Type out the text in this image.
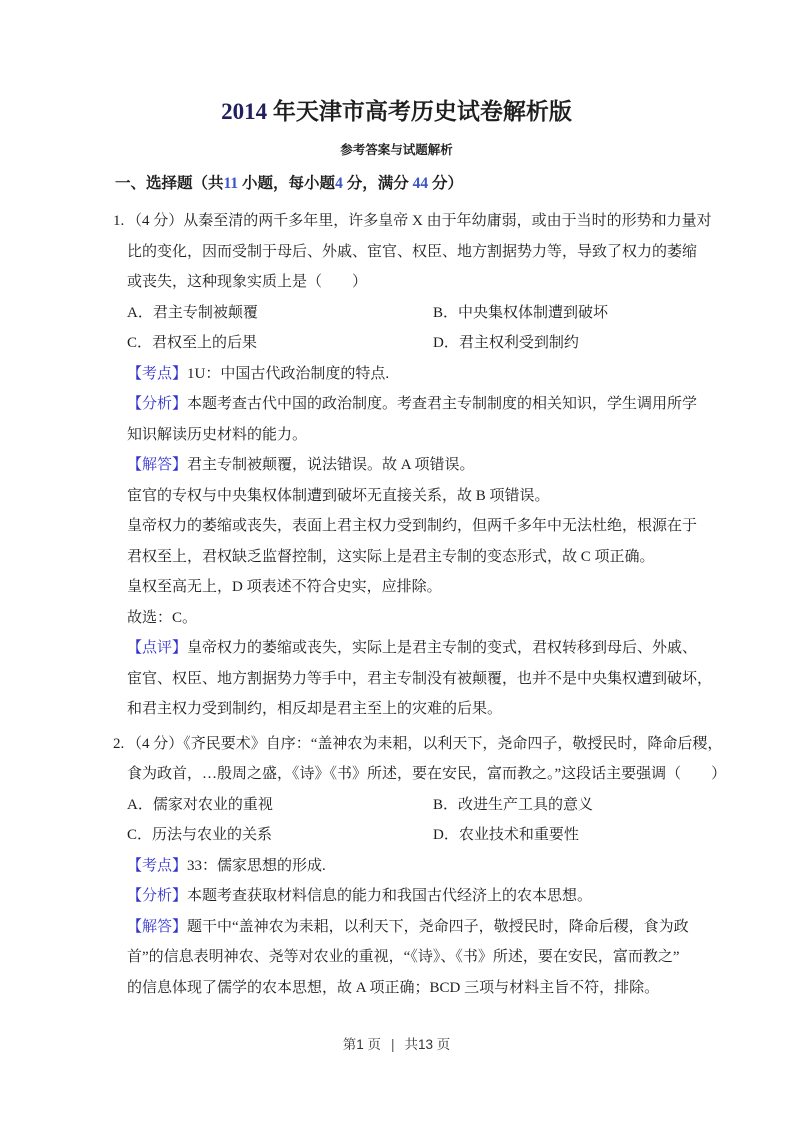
2014 年天津市高考历史试卷解析版
参考答案与试题解析
一、选择题（共11 小题，每小题4 分，满分 44 分）
1. （4 分）从秦至清的两千多年里，许多皇帝 X 由于年幼庸弱，或由于当时的形势和力量对
比的变化，因而受制于母后、外戚、宦官、权臣、地方割据势力等，导致了权力的萎缩
或丧失，这种现象实质上是（　　）
A．君主专制被颠覆	B．中央集权体制遭到破坏
C．君权至上的后果	D．君主权利受到制约
【考点】1U：中国古代政治制度的特点.
【分析】本题考查古代中国的政治制度。考查君主专制制度的相关知识，学生调用所学
知识解读历史材料的能力。
【解答】君主专制被颠覆，说法错误。故 A 项错误。
宦官的专权与中央集权体制遭到破坏无直接关系，故 B 项错误。
皇帝权力的萎缩或丧失，表面上君主权力受到制约，但两千多年中无法杜绝，根源在于
君权至上，君权缺乏监督控制，这实际上是君主专制的变态形式，故 C 项正确。
皇权至高无上，D 项表述不符合史实，应排除。
故选：C。
【点评】皇帝权力的萎缩或丧失，实际上是君主专制的变式，君权转移到母后、外戚、
宦官、权臣、地方割据势力等手中，君主专制没有被颠覆，也并不是中央集权遭到破坏，
和君主权力受到制约，相反却是君主至上的灾难的后果。
2. （4 分）《齐民要术》自序：“盖神农为耒耜，以利天下，尧命四子，敬授民时，降命后稷，
食为政首，…殷周之盛，《诗》《书》所述，要在安民，富而教之。”这段话主要强调（　　）
A．儒家对农业的重视	B．改进生产工具的意义
C．历法与农业的关系	D．农业技术和重要性
【考点】33：儒家思想的形成.
【分析】本题考查获取材料信息的能力和我国古代经济上的农本思想。
【解答】题干中“盖神农为耒耜，以利天下，尧命四子，敬授民时，降命后稷，食为政
首”的信息表明神农、尧等对农业的重视，“《诗》、《书》所述，要在安民，富而教之”
的信息体现了儒学的农本思想，故 A 项正确；BCD 三项与材料主旨不符，排除。
第1 页 | 共13 页
